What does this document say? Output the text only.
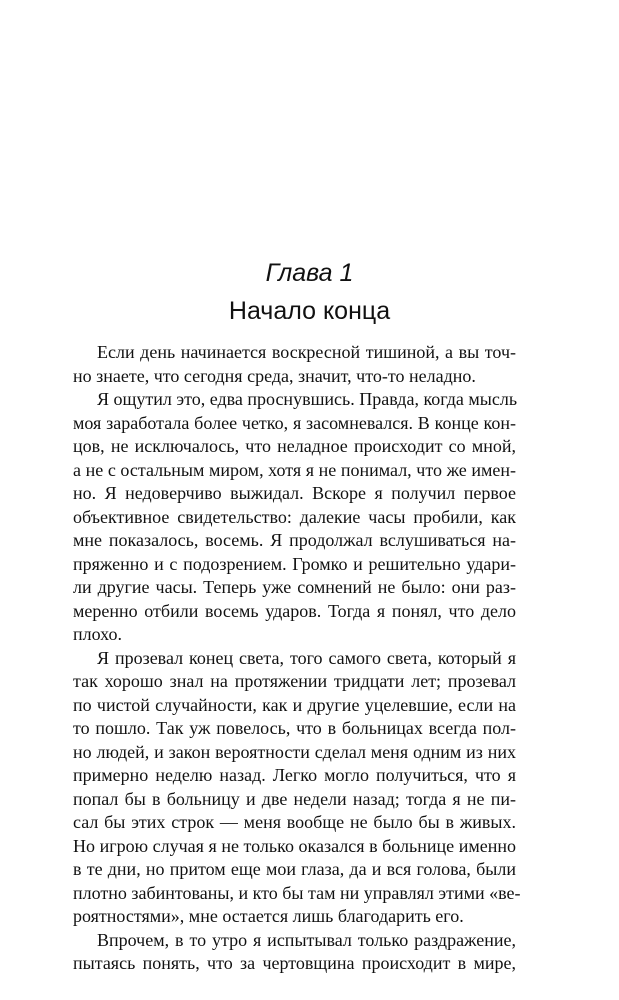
Глава 1
Начало конца

Если день начинается воскресной тишиной, а вы точ-
но знаете, что сегодня среда, значит, что-то неладно.

Я ощутил это, едва проснувшись. Правда, когда мысль
моя заработала более четко, я засомневался. В конце кон-
цов, не исключалось, что неладное происходит со мной,
а не с остальным миром, хотя я не понимал, что же имен-
но. Я недоверчиво выжидал. Вскоре я получил первое
объективное свидетельство: далекие часы пробили, как
мне показалось, восемь. Я продолжал вслушиваться на-
пряженно и с подозрением. Громко и решительно удари-
ли другие часы. Теперь уже сомнений не было: они раз-
меренно отбили восемь ударов. Тогда я понял, что дело
плохо.

Я прозевал конец света, того самого света, который я
так хорошо знал на протяжении тридцати лет; прозевал
по чистой случайности, как и другие уцелевшие, если на
то пошло. Так уж повелось, что в больницах всегда пол-
но людей, и закон вероятности сделал меня одним из них
примерно неделю назад. Легко могло получиться, что я
попал бы в больницу и две недели назад; тогда я не пи-
сал бы этих строк — меня вообще не было бы в живых.
Но игрою случая я не только оказался в больнице именно
в те дни, но притом еще мои глаза, да и вся голова, были
плотно забинтованы, и кто бы там ни управлял этими «ве-
роятностями», мне остается лишь благодарить его.

Впрочем, в то утро я испытывал только раздражение,
пытаясь понять, что за чертовщина происходит в мире,
